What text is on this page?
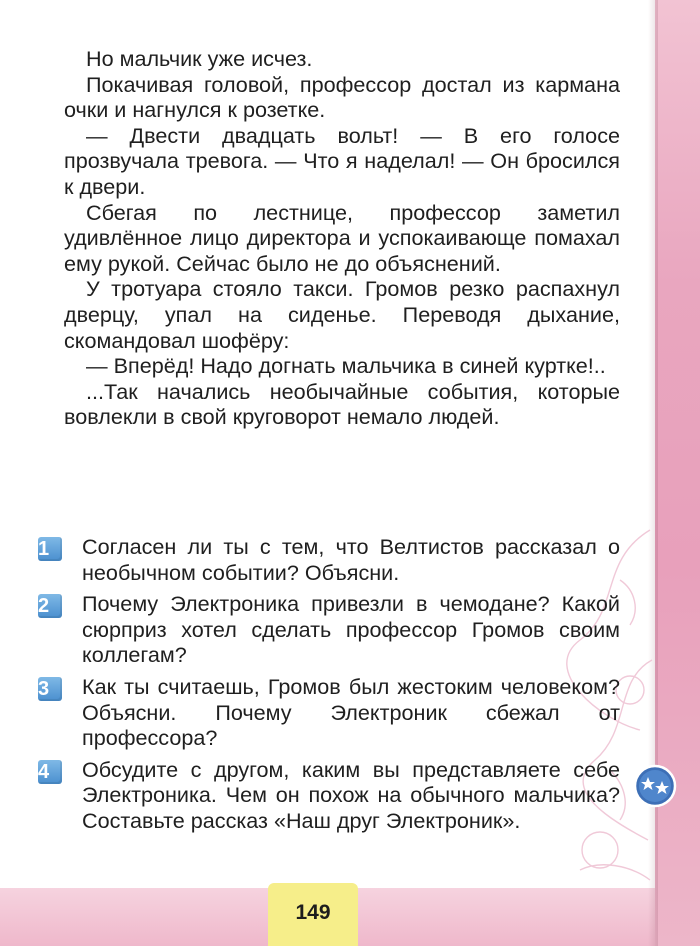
Но мальчик уже исчез.

Покачивая головой, профессор достал из кармана очки и нагнулся к розетке.

— Двести двадцать вольт! — В его голосе прозвучала тревога. — Что я наделал! — Он бросился к двери.

Сбегая по лестнице, профессор заметил удивлённое лицо директора и успокаивающе помахал ему рукой. Сейчас было не до объяснений.

У тротуара стояло такси. Громов резко распахнул дверцу, упал на сиденье. Переводя дыхание, скомандовал шофёру:

— Вперёд! Надо догнать мальчика в синей куртке!..

...Так начались необычайные события, которые вовлекли в свой круговорот немало людей.

1	Согласен ли ты с тем, что Велтистов рассказал о необычном событии? Объясни.
2	Почему Электроника привезли в чемодане? Какой сюрприз хотел сделать профессор Громов своим коллегам?
3	Как ты считаешь, Громов был жестоким человеком? Объясни. Почему Электроник сбежал от профессора?
4	Обсудите с другом, каким вы представляете себе Электроника. Чем он похож на обычного мальчика? Составьте рассказ «Наш друг Электроник».
149
